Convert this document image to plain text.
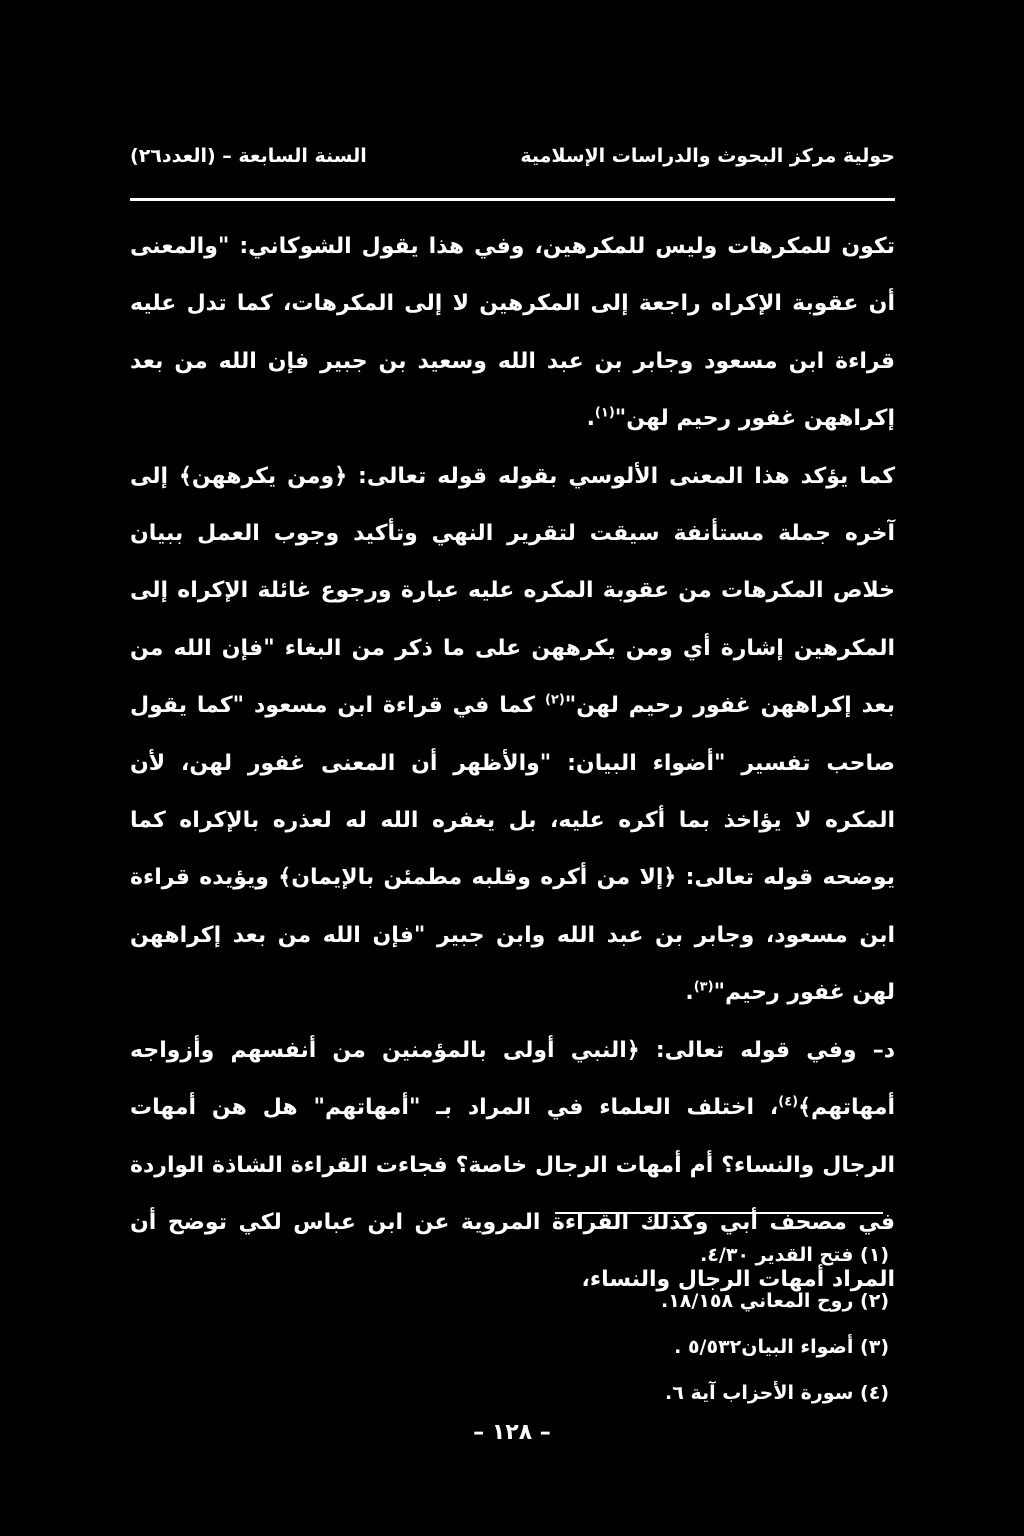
حولية مركز البحوث والدراسات الإسلامية
السنة السابعة – (العدد٢٦)

تكون للمكرهات وليس للمكرهين، وفي هذا يقول الشوكاني: "والمعنى أن عقوبة الإكراه راجعة إلى المكرهين لا إلى المكرهات، كما تدل عليه قراءة ابن مسعود وجابر بن عبد الله وسعيد بن جبير فإن الله من بعد إكراههن غفور رحيم لهن"$^{(١)}$.

كما يؤكد هذا المعنى الألوسي بقوله قوله تعالى: ﴿ومن يكرههن﴾ إلى آخره جملة مستأنفة سيقت لتقرير النهي وتأكيد وجوب العمل ببيان خلاص المكرهات من عقوبة المكره عليه عبارة ورجوع غائلة الإكراه إلى المكرهين إشارة أي ومن يكرههن على ما ذكر من البغاء "فإن الله من بعد إكراههن غفور رحيم لهن"$^{(٢)}$ كما في قراءة ابن مسعود "كما يقول صاحب تفسير "أضواء البيان: "والأظهر أن المعنى غفور لهن، لأن المكره لا يؤاخذ بما أكره عليه، بل يغفره الله له لعذره بالإكراه كما يوضحه قوله تعالى: ﴿إلا من أكره وقلبه مطمئن بالإيمان﴾ ويؤيده قراءة ابن مسعود، وجابر بن عبد الله وابن جبير "فإن الله من بعد إكراههن لهن غفور رحيم"$^{(٣)}$.

د– وفي قوله تعالى: ﴿النبي أولى بالمؤمنين من أنفسهم وأزواجه أمهاتهم﴾$^{(٤)}$، اختلف العلماء في المراد بـ "أمهاتهم" هل هن أمهات الرجال والنساء؟ أم أمهات الرجال خاصة؟ فجاءت القراءة الشاذة الواردة في مصحف أبي وكذلك القراءة المروية عن ابن عباس لكي توضح أن المراد أمهات الرجال والنساء،

(١) فتح القدير ٤/٣٠.
(٢) روح المعاني ١٨/١٥٨.
(٣) أضواء البيان٥/٥٣٢ .
(٤) سورة الأحزاب آية ٦.
– ١٢٨ –
